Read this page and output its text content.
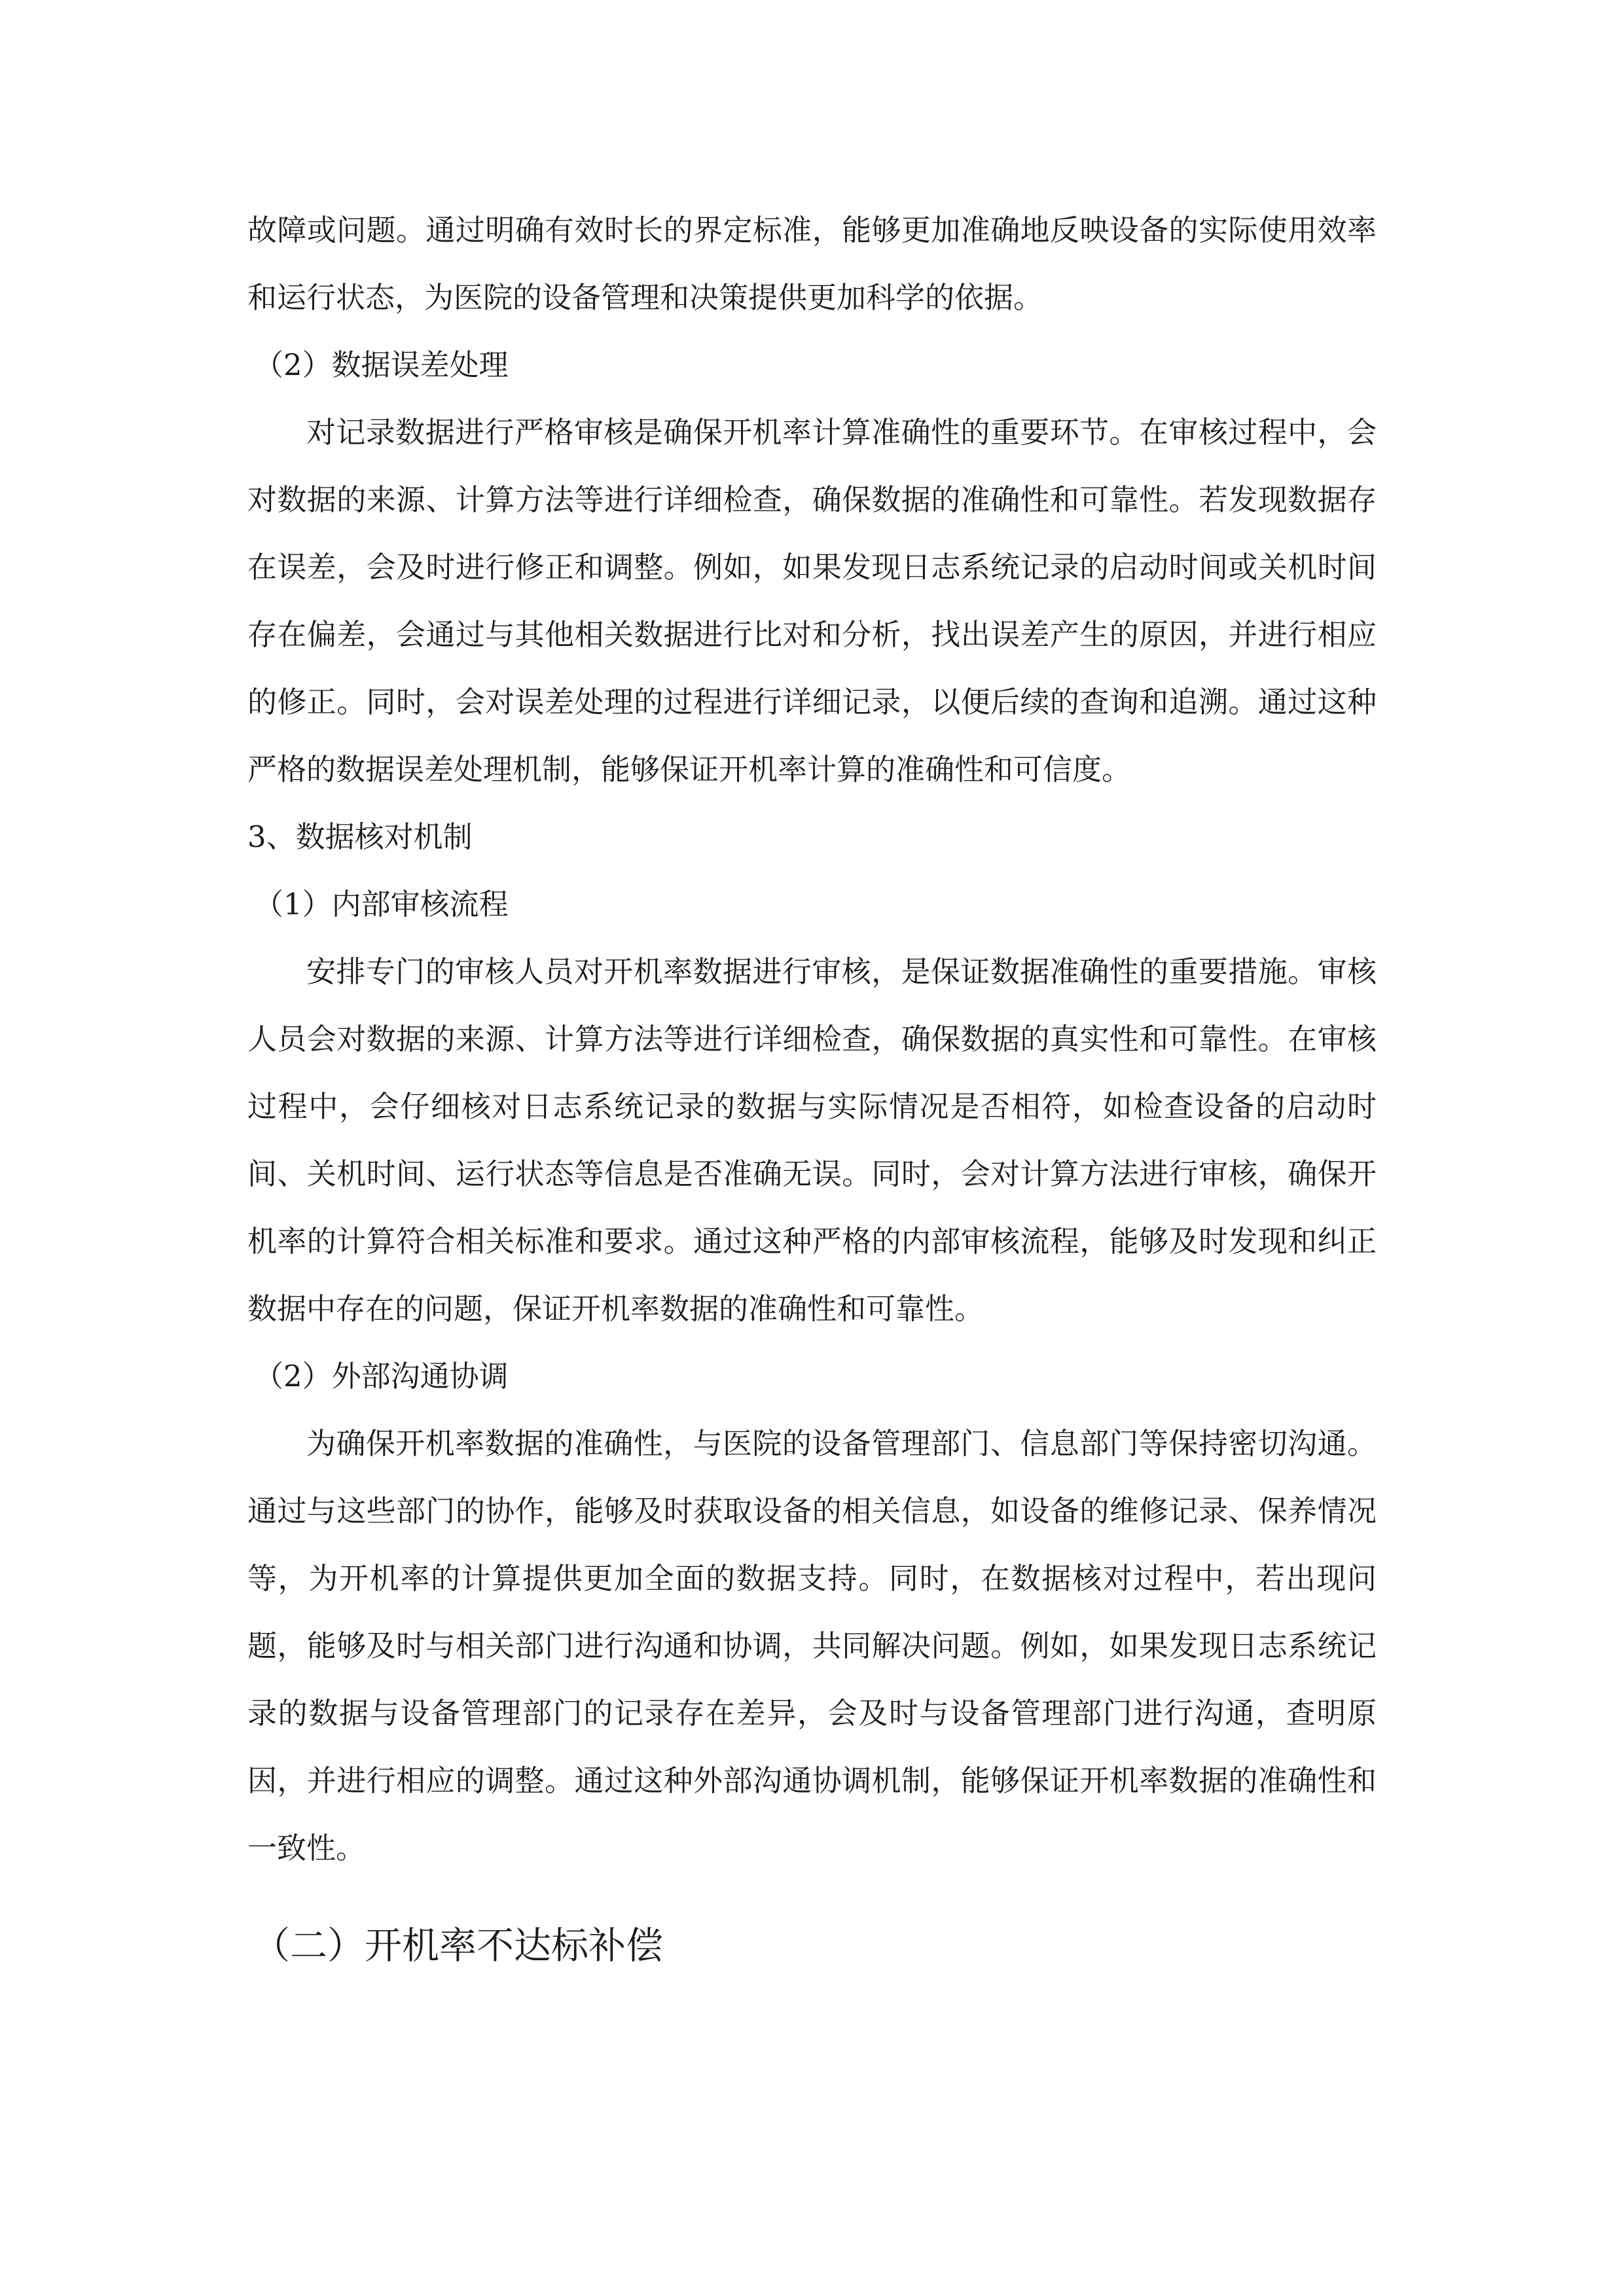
故障或问题。通过明确有效时长的界定标准，能够更加准确地反映设备的实际使用效率和运行状态，为医院的设备管理和决策提供更加科学的依据。

（2）数据误差处理

对记录数据进行严格审核是确保开机率计算准确性的重要环节。在审核过程中，会对数据的来源、计算方法等进行详细检查，确保数据的准确性和可靠性。若发现数据存在误差，会及时进行修正和调整。例如，如果发现日志系统记录的启动时间或关机时间存在偏差，会通过与其他相关数据进行比对和分析，找出误差产生的原因，并进行相应的修正。同时，会对误差处理的过程进行详细记录，以便后续的查询和追溯。通过这种严格的数据误差处理机制，能够保证开机率计算的准确性和可信度。

3、数据核对机制

（1）内部审核流程

安排专门的审核人员对开机率数据进行审核，是保证数据准确性的重要措施。审核人员会对数据的来源、计算方法等进行详细检查，确保数据的真实性和可靠性。在审核过程中，会仔细核对日志系统记录的数据与实际情况是否相符，如检查设备的启动时间、关机时间、运行状态等信息是否准确无误。同时，会对计算方法进行审核，确保开机率的计算符合相关标准和要求。通过这种严格的内部审核流程，能够及时发现和纠正数据中存在的问题，保证开机率数据的准确性和可靠性。

（2）外部沟通协调

为确保开机率数据的准确性，与医院的设备管理部门、信息部门等保持密切沟通。通过与这些部门的协作，能够及时获取设备的相关信息，如设备的维修记录、保养情况等，为开机率的计算提供更加全面的数据支持。同时，在数据核对过程中，若出现问题，能够及时与相关部门进行沟通和协调，共同解决问题。例如，如果发现日志系统记录的数据与设备管理部门的记录存在差异，会及时与设备管理部门进行沟通，查明原因，并进行相应的调整。通过这种外部沟通协调机制，能够保证开机率数据的准确性和一致性。

（二）开机率不达标补偿
